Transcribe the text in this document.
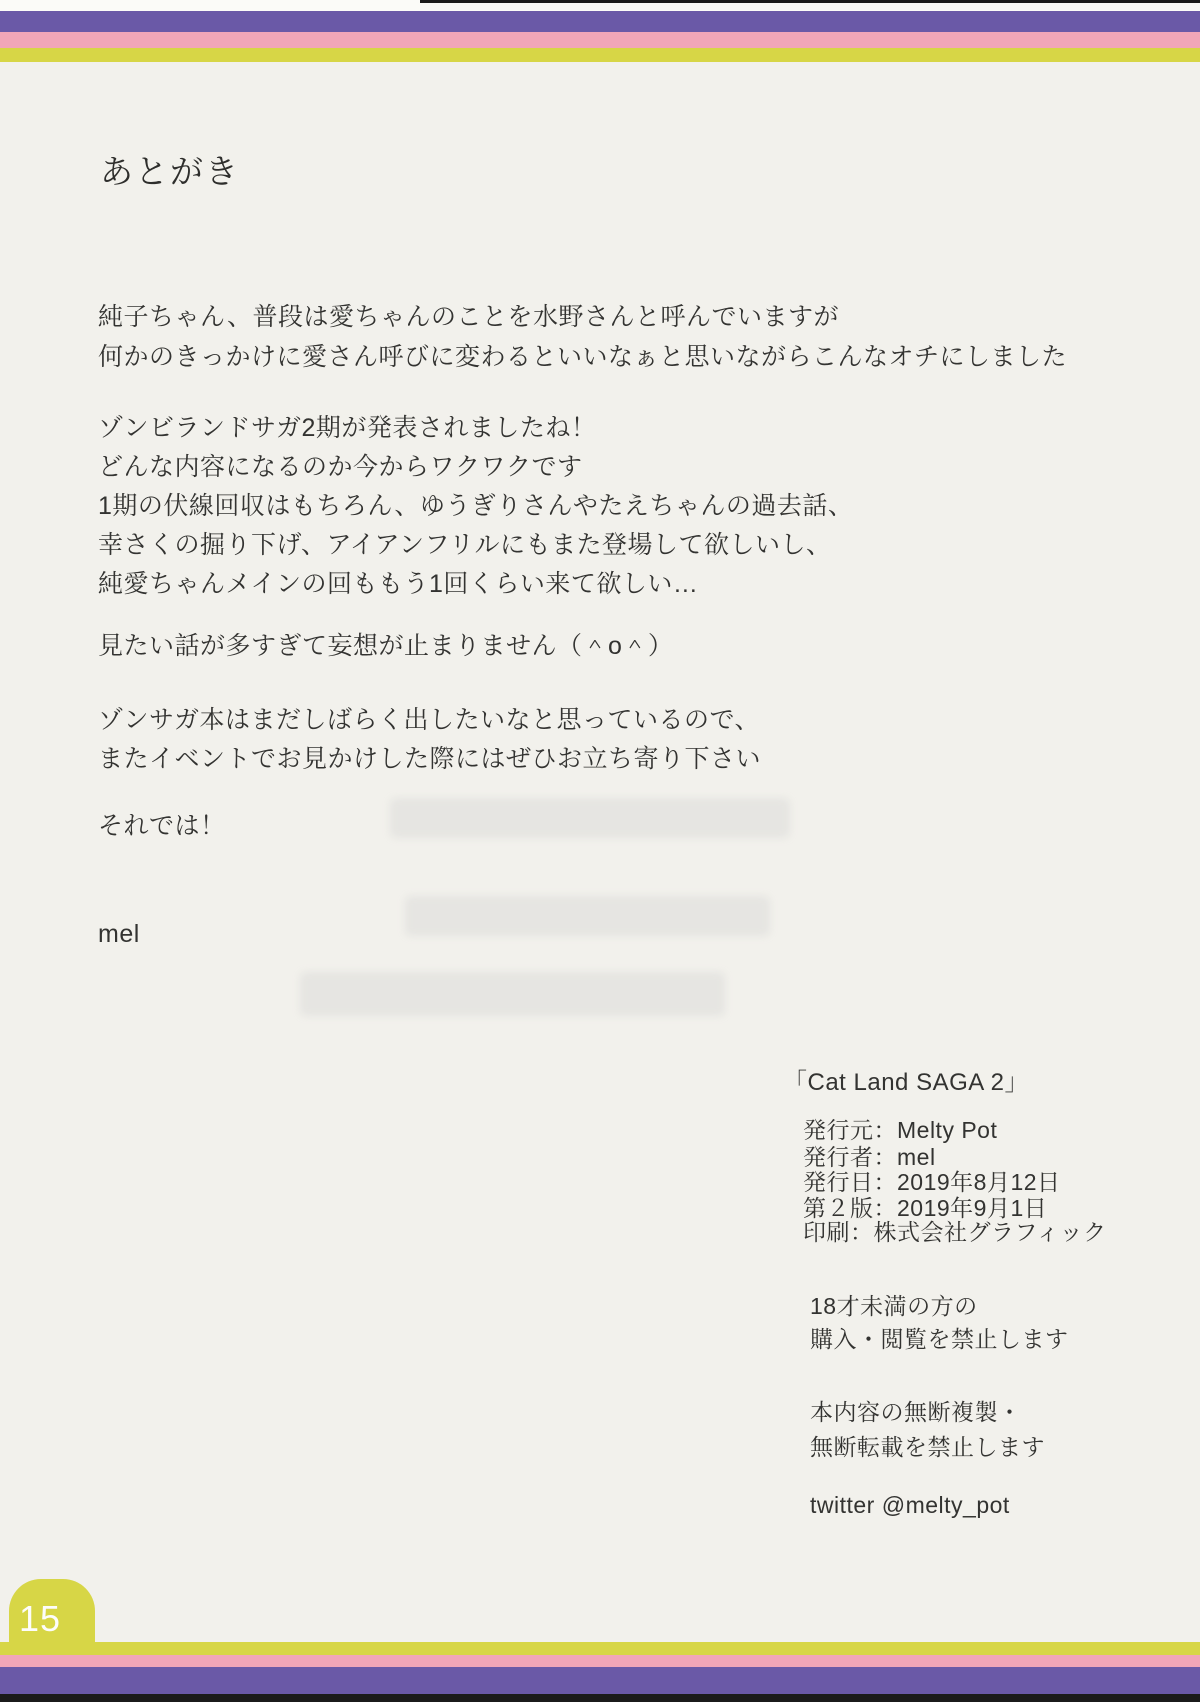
あとがき
純子ちゃん、普段は愛ちゃんのことを水野さんと呼んでいますが
何かのきっかけに愛さん呼びに変わるといいなぁと思いながらこんなオチにしました
ゾンビランドサガ2期が発表されましたね！
どんな内容になるのか今からワクワクです
1期の伏線回収はもちろん、ゆうぎりさんやたえちゃんの過去話、
幸さくの掘り下げ、アイアンフリルにもまた登場して欲しいし、
純愛ちゃんメインの回ももう1回くらい来て欲しい…
見たい話が多すぎて妄想が止まりません（＾o＾）
ゾンサガ本はまだしばらく出したいなと思っているので、
またイベントでお見かけした際にはぜひお立ち寄り下さい
それでは！
mel
「Cat Land SAGA 2」
発行元：Melty Pot
発行者：mel
発行日：2019年8月12日
第２版：2019年9月1日
印刷：株式会社グラフィック
18才未満の方の
購入・閲覧を禁止します
本内容の無断複製・
無断転載を禁止します
twitter @melty_pot
15
